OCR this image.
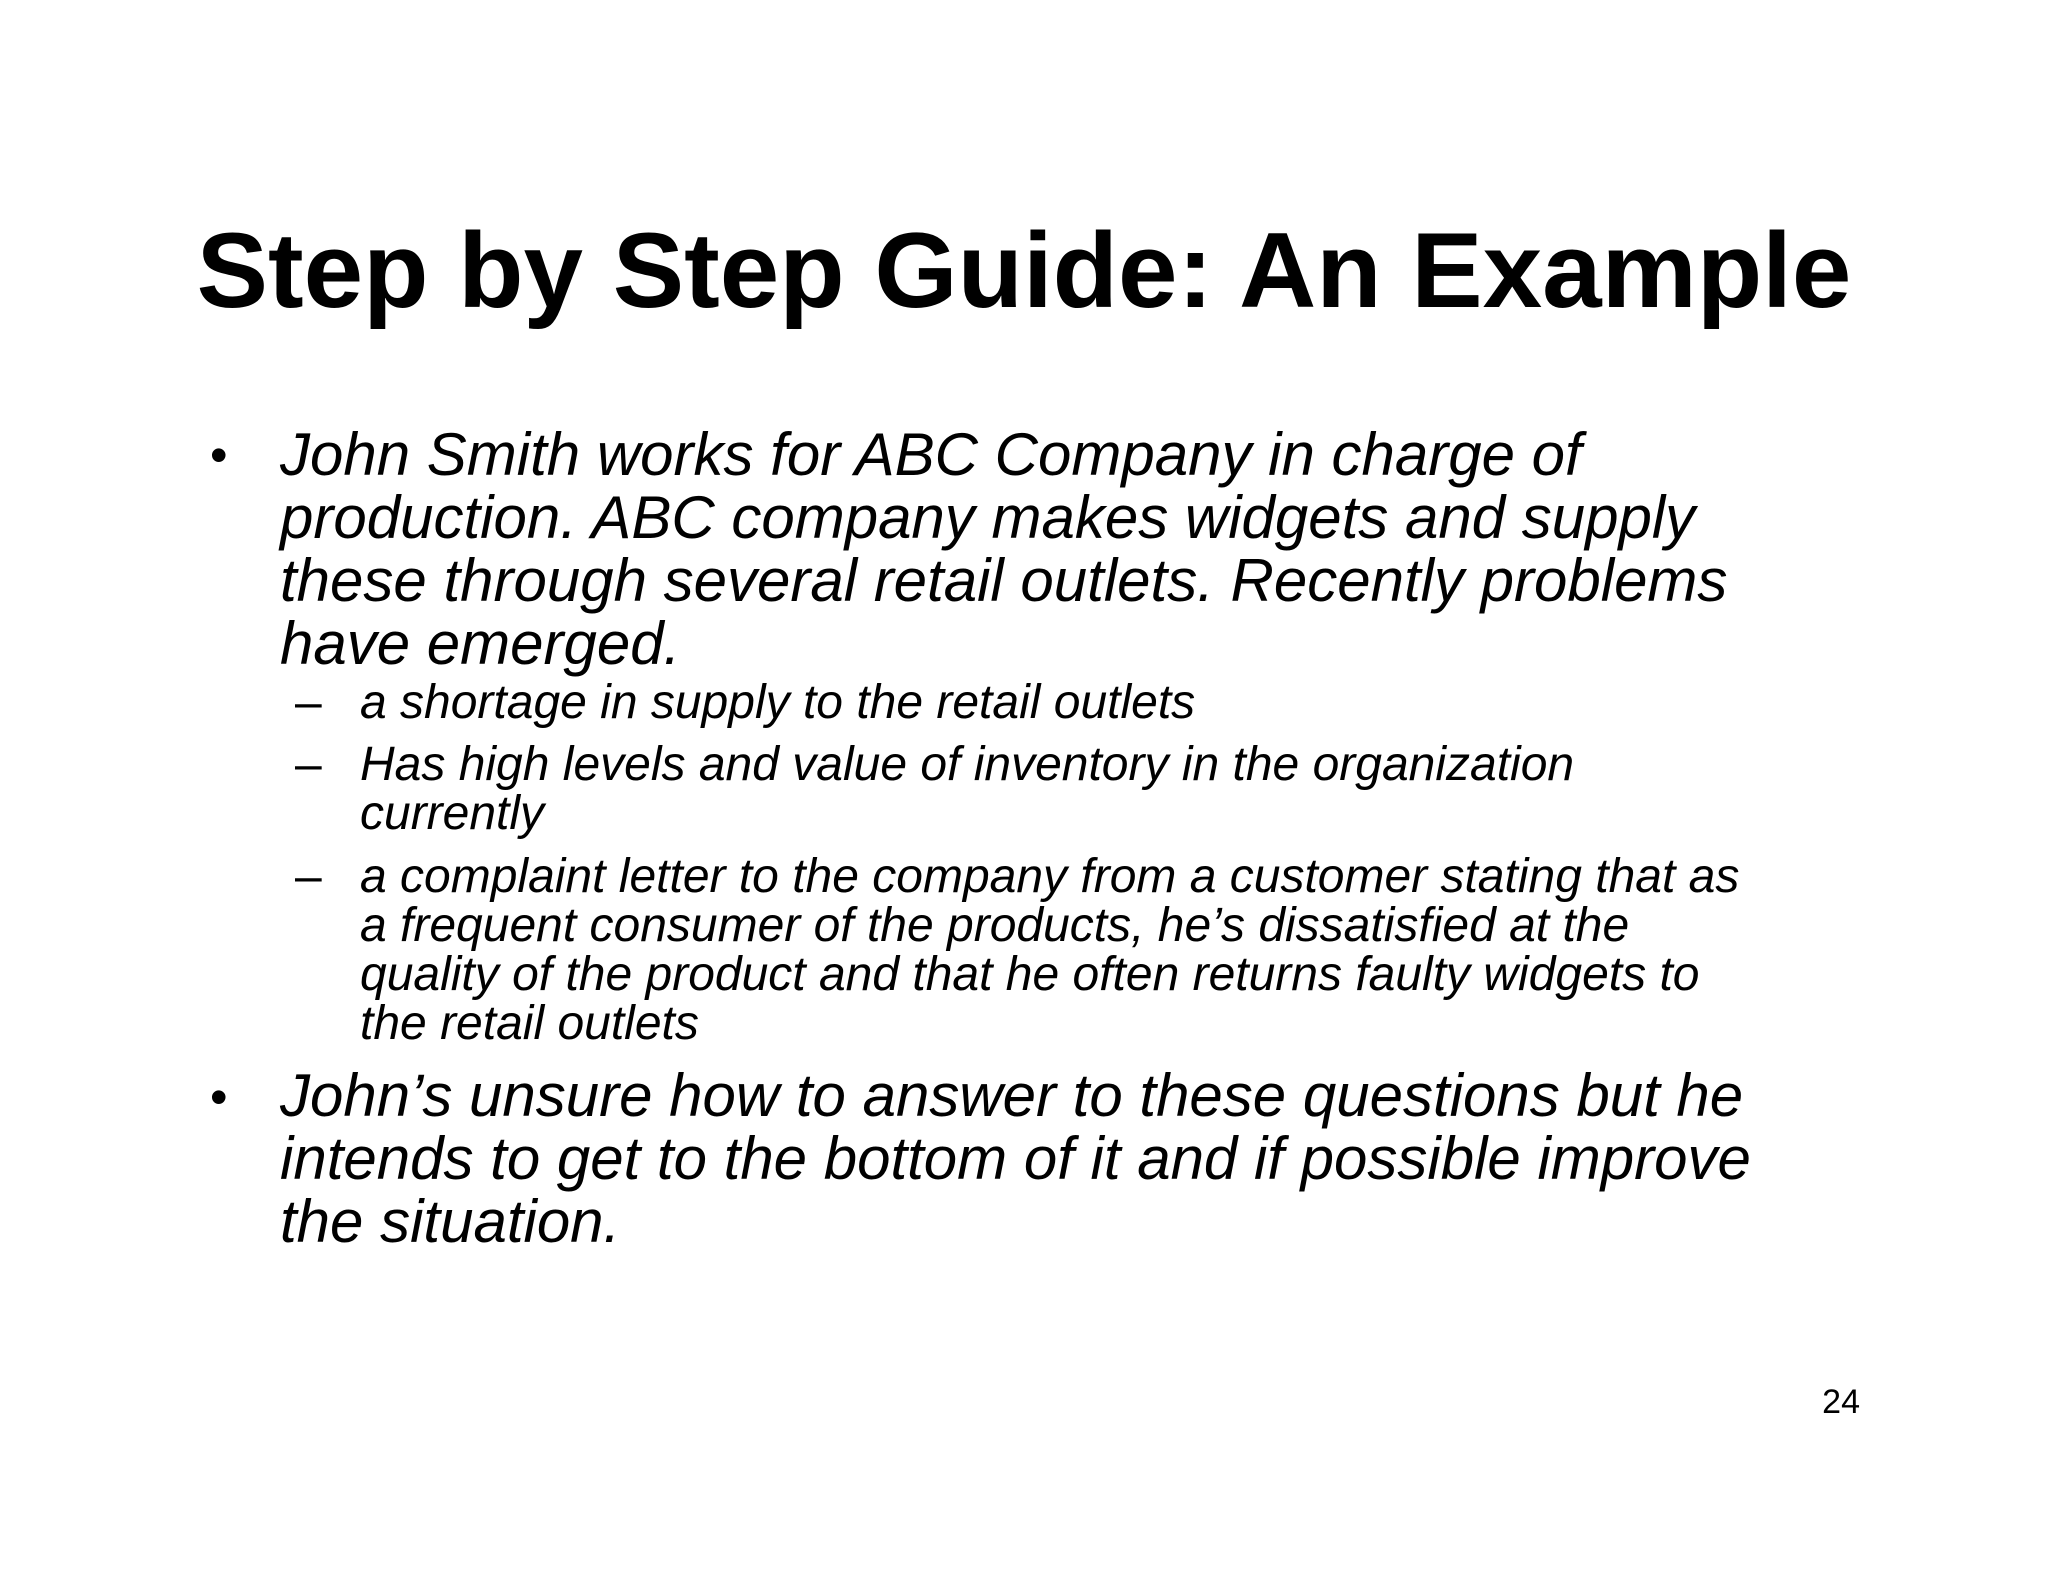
Step by Step Guide: An Example
• John Smith works for ABC Company in charge of
production. ABC company makes widgets and supply
these through several retail outlets. Recently problems
have emerged.
– a shortage in supply to the retail outlets
– Has high levels and value of inventory in the organization
currently
– a complaint letter to the company from a customer stating that as
a frequent consumer of the products, he’s dissatisfied at the
quality of the product and that he often returns faulty widgets to
the retail outlets
• John’s unsure how to answer to these questions but he
intends to get to the bottom of it and if possible improve
the situation.
24
